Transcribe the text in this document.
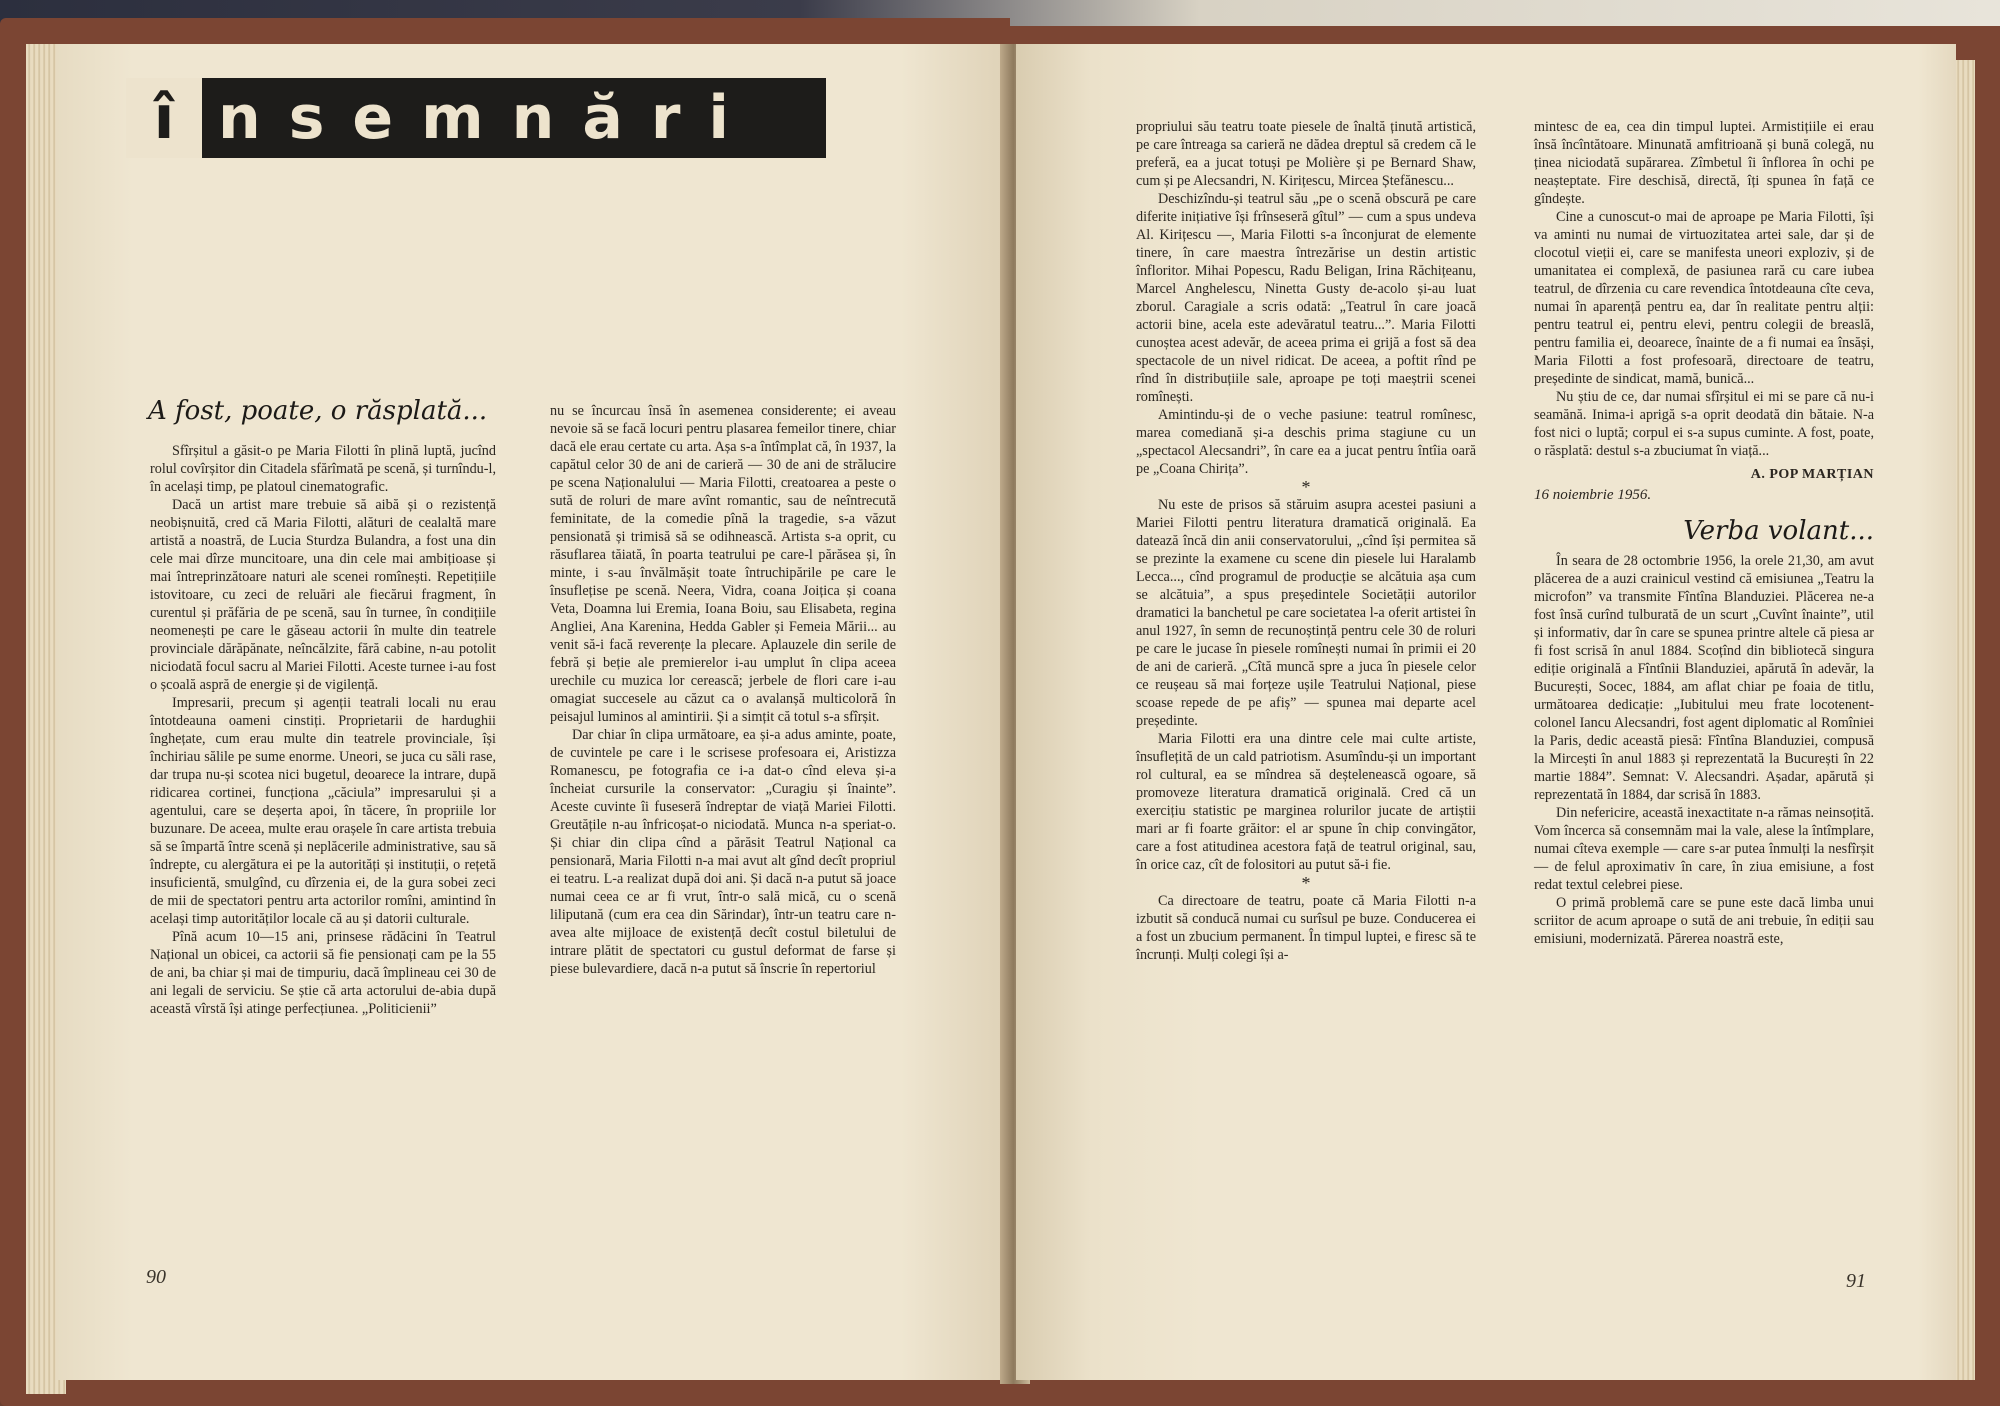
î nsemnări
A fost, poate, o răsplată...

Sfîrșitul a găsit-o pe Maria Filotti în plină luptă, jucînd rolul covîrșitor din Citadela sfărîmată pe scenă, și turnîndu-l, în același timp, pe platoul cinematografic.

Dacă un artist mare trebuie să aibă și o rezistență neobișnuită, cred că Maria Filotti, alături de cealaltă mare artistă a noastră, de Lucia Sturdza Bulandra, a fost una din cele mai dîrze muncitoare, una din cele mai ambițioase și mai întreprinzătoare naturi ale scenei romînești. Repetițiile istovitoare, cu zeci de reluări ale fiecărui fragment, în curentul și prăfăria de pe scenă, sau în turnee, în condițiile neomenești pe care le găseau actorii în multe din teatrele provinciale dărăpănate, neîncălzite, fără cabine, n-au potolit niciodată focul sacru al Mariei Filotti. Aceste turnee i-au fost o școală aspră de energie și de vigilență.

Impresarii, precum și agenții teatrali locali nu erau întotdeauna oameni cinstiți. Proprietarii de hardughii înghețate, cum erau multe din teatrele provinciale, își închiriau sălile pe sume enorme. Uneori, se juca cu săli rase, dar trupa nu-și scotea nici bugetul, deoarece la intrare, după ridicarea cortinei, funcționa „căciula” impresarului și a agentului, care se deșerta apoi, în tăcere, în propriile lor buzunare. De aceea, multe erau orașele în care artista trebuia să se împartă între scenă și neplăcerile administrative, sau să îndrepte, cu alergătura ei pe la autorități și instituții, o rețetă insuficientă, smulgînd, cu dîrzenia ei, de la gura sobei zeci de mii de spectatori pentru arta actorilor romîni, amintind în același timp autorităților locale că au și datorii culturale.

Pînă acum 10—15 ani, prinsese rădăcini în Teatrul Național un obicei, ca actorii să fie pensionați cam pe la 55 de ani, ba chiar și mai de timpuriu, dacă împlineau cei 30 de ani legali de serviciu. Se știe că arta actorului de-abia după această vîrstă își atinge perfecțiunea. „Politicienii”

nu se încurcau însă în asemenea considerente; ei aveau nevoie să se facă locuri pentru plasarea femeilor tinere, chiar dacă ele erau certate cu arta. Așa s-a întîmplat că, în 1937, la capătul celor 30 de ani de carieră — 30 de ani de strălucire pe scena Naționalului — Maria Filotti, creatoarea a peste o sută de roluri de mare avînt romantic, sau de neîntrecută feminitate, de la comedie pînă la tragedie, s-a văzut pensionată și trimisă să se odihnească. Artista s-a oprit, cu răsuflarea tăiată, în poarta teatrului pe care-l părăsea și, în minte, i s-au învălmășit toate întruchipările pe care le însuflețise pe scenă. Neera, Vidra, coana Joițica și coana Veta, Doamna lui Eremia, Ioana Boiu, sau Elisabeta, regina Angliei, Ana Karenina, Hedda Gabler și Femeia Mării... au venit să-i facă reverențe la plecare. Aplauzele din serile de febră și beție ale premierelor i-au umplut în clipa aceea urechile cu muzica lor cerească; jerbele de flori care i-au omagiat succesele au căzut ca o avalanșă multicoloră în peisajul luminos al amintirii. Și a simțit că totul s-a sfîrșit.

Dar chiar în clipa următoare, ea și-a adus aminte, poate, de cuvintele pe care i le scrisese profesoara ei, Aristizza Romanescu, pe fotografia ce i-a dat-o cînd eleva și-a încheiat cursurile la conservator: „Curagiu și înainte”. Aceste cuvinte îi fuseseră îndreptar de viață Mariei Filotti. Greutățile n-au înfricoșat-o niciodată. Munca n-a speriat-o. Și chiar din clipa cînd a părăsit Teatrul Național ca pensionară, Maria Filotti n-a mai avut alt gînd decît propriul ei teatru. L-a realizat după doi ani. Și dacă n-a putut să joace numai ceea ce ar fi vrut, într-o sală mică, cu o scenă liliputană (cum era cea din Sărindar), într-un teatru care n-avea alte mijloace de existență decît costul biletului de intrare plătit de spectatori cu gustul deformat de farse și piese bulevardiere, dacă n-a putut să înscrie în repertoriul

90

propriului său teatru toate piesele de înaltă ținută artistică, pe care întreaga sa carieră ne dădea dreptul să credem că le preferă, ea a jucat totuși pe Molière și pe Bernard Shaw, cum și pe Alecsandri, N. Kirițescu, Mircea Ștefănescu...

Deschizîndu-și teatrul său „pe o scenă obscură pe care diferite inițiative își frînseseră gîtul” — cum a spus undeva Al. Kirițescu —, Maria Filotti s-a înconjurat de elemente tinere, în care maestra întrezărise un destin artistic înfloritor. Mihai Popescu, Radu Beligan, Irina Răchițeanu, Marcel Anghelescu, Ninetta Gusty de-acolo și-au luat zborul. Caragiale a scris odată: „Teatrul în care joacă actorii bine, acela este adevăratul teatru...”. Maria Filotti cunoștea acest adevăr, de aceea prima ei grijă a fost să dea spectacole de un nivel ridicat. De aceea, a poftit rînd pe rînd în distribuțiile sale, aproape pe toți maeștrii scenei romînești.

Amintindu-și de o veche pasiune: teatrul romînesc, marea comediană și-a deschis prima stagiune cu un „spectacol Alecsandri”, în care ea a jucat pentru întîia oară pe „Coana Chirița”.

*

Nu este de prisos să stăruim asupra acestei pasiuni a Mariei Filotti pentru literatura dramatică originală. Ea datează încă din anii conservatorului, „cînd își permitea să se prezinte la examene cu scene din piesele lui Haralamb Lecca..., cînd programul de producție se alcătuia așa cum se alcătuia”, a spus președintele Societății autorilor dramatici la banchetul pe care societatea l-a oferit artistei în anul 1927, în semn de recunoștință pentru cele 30 de roluri pe care le jucase în piesele romînești numai în primii ei 20 de ani de carieră. „Cîtă muncă spre a juca în piesele celor ce reușeau să mai forțeze ușile Teatrului Național, piese scoase repede de pe afiș” — spunea mai departe acel președinte.

Maria Filotti era una dintre cele mai culte artiste, însuflețită de un cald patriotism. Asumîndu-și un important rol cultural, ea se mîndrea să deștelenească ogoare, să promoveze literatura dramatică originală. Cred că un exercițiu statistic pe marginea rolurilor jucate de artiștii mari ar fi foarte grăitor: el ar spune în chip convingător, care a fost atitudinea acestora față de teatrul original, sau, în orice caz, cît de folositori au putut să-i fie.

*

Ca directoare de teatru, poate că Maria Filotti n-a izbutit să conducă numai cu surîsul pe buze. Conducerea ei a fost un zbucium permanent. În timpul luptei, e firesc să te încrunți. Mulți colegi își a-

mintesc de ea, cea din timpul luptei. Armistițiile ei erau însă încîntătoare. Minunată amfitrioană și bună colegă, nu ținea niciodată supărarea. Zîmbetul îi înflorea în ochi pe neașteptate. Fire deschisă, directă, îți spunea în față ce gîndește.

Cine a cunoscut-o mai de aproape pe Maria Filotti, își va aminti nu numai de virtuozitatea artei sale, dar și de clocotul vieții ei, care se manifesta uneori exploziv, și de umanitatea ei complexă, de pasiunea rară cu care iubea teatrul, de dîrzenia cu care revendica întotdeauna cîte ceva, numai în aparență pentru ea, dar în realitate pentru alții: pentru teatrul ei, pentru elevi, pentru colegii de breaslă, pentru familia ei, deoarece, înainte de a fi numai ea însăși, Maria Filotti a fost profesoară, directoare de teatru, președinte de sindicat, mamă, bunică...

Nu știu de ce, dar numai sfîrșitul ei mi se pare că nu-i seamănă. Inima-i aprigă s-a oprit deodată din bătaie. N-a fost nici o luptă; corpul ei s-a supus cuminte. A fost, poate, o răsplată: destul s-a zbuciumat în viață...

A. POP MARȚIAN
16 noiembrie 1956.
Verba volant...

În seara de 28 octombrie 1956, la orele 21,30, am avut plăcerea de a auzi crainicul vestind că emisiunea „Teatru la microfon” va transmite Fîntîna Blanduziei. Plăcerea ne-a fost însă curînd tulburată de un scurt „Cuvînt înainte”, util și informativ, dar în care se spunea printre altele că piesa ar fi fost scrisă în anul 1884. Scoțînd din bibliotecă singura ediție originală a Fîntînii Blanduziei, apărută în adevăr, la București, Socec, 1884, am aflat chiar pe foaia de titlu, următoarea dedicație: „Iubitului meu frate locotenent-colonel Iancu Alecsandri, fost agent diplomatic al Romîniei la Paris, dedic această piesă: Fîntîna Blanduziei, compusă la Mircești în anul 1883 și reprezentată la București în 22 martie 1884”. Semnat: V. Alecsandri. Așadar, apărută și reprezentată în 1884, dar scrisă în 1883.

Din nefericire, această inexactitate n-a rămas neinsoțită. Vom încerca să consemnăm mai la vale, alese la întîmplare, numai cîteva exemple — care s-ar putea înmulți la nesfîrșit — de felul aproximativ în care, în ziua emisiune, a fost redat textul celebrei piese.

O primă problemă care se pune este dacă limba unui scriitor de acum aproape o sută de ani trebuie, în ediții sau emisiuni, modernizată. Părerea noastră este,

91
